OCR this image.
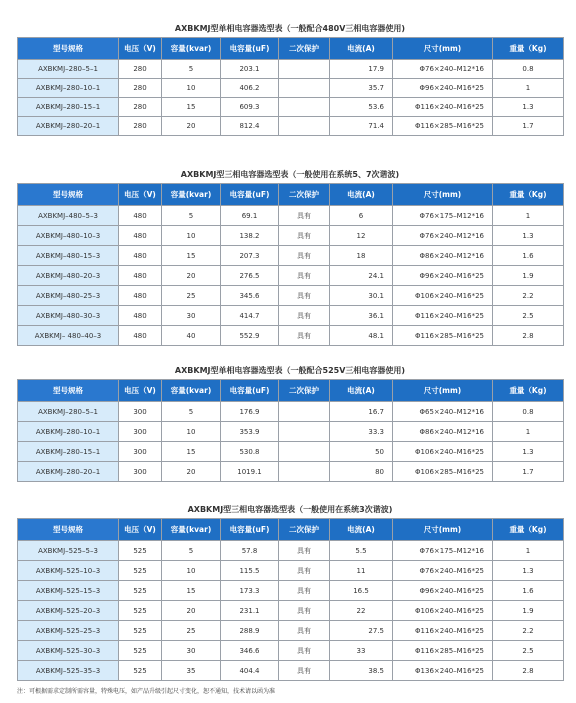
AXBKMJ型单相电容器选型表（一般配合480V三相电容器使用)
型号规格	电压（V)	容量(kvar)	电容量(uF)	二次保护	电流(A)	尺寸(mm)	重量（Kg)
AXBKMJ–280–5–1	280	5	203.1		17.9	Φ76×240–M12*16	0.8
AXBKMJ–280–10–1	280	10	406.2		35.7	Φ96×240–M16*25	1
AXBKMJ–280–15–1	280	15	609.3		53.6	Φ116×240–M16*25	1.3
AXBKMJ–280–20–1	280	20	812.4		71.4	Φ116×285–M16*25	1.7
AXBKMJ型三相电容器选型表（一般使用在系统5、7次谐波)
型号规格	电压（V)	容量(kvar)	电容量(uF)	二次保护	电流(A)	尺寸(mm)	重量（Kg)
AXBKMJ–480–5–3	480	5	69.1	具有	6	Φ76×175–M12*16	1
AXBKMJ–480–10–3	480	10	138.2	具有	12	Φ76×240–M12*16	1.3
AXBKMJ–480–15–3	480	15	207.3	具有	18	Φ86×240–M12*16	1.6
AXBKMJ–480–20–3	480	20	276.5	具有	24.1	Φ96×240–M16*25	1.9
AXBKMJ–480–25–3	480	25	345.6	具有	30.1	Φ106×240–M16*25	2.2
AXBKMJ–480–30–3	480	30	414.7	具有	36.1	Φ116×240–M16*25	2.5
AXBKMJ– 480–40–3	480	40	552.9	具有	48.1	Φ116×285–M16*25	2.8
AXBKMJ型单相电容器选型表（一般配合525V三相电容器使用)
型号规格	电压（V)	容量(kvar)	电容量(uF)	二次保护	电流(A)	尺寸(mm)	重量（Kg)
AXBKMJ–280–5–1	300	5	176.9		16.7	Φ65×240–M12*16	0.8
AXBKMJ–280–10–1	300	10	353.9		33.3	Φ86×240–M12*16	1
AXBKMJ–280–15–1	300	15	530.8		50	Φ106×240–M16*25	1.3
AXBKMJ–280–20–1	300	20	1019.1		80	Φ106×285–M16*25	1.7
AXBKMJ型三相电容器选型表（一般使用在系统3次谐波)
型号规格	电压（V)	容量(kvar)	电容量(uF)	二次保护	电流(A)	尺寸(mm)	重量（Kg)
AXBKMJ–525–5–3	525	5	57.8	具有	5.5	Φ76×175–M12*16	1
AXBKMJ–525–10–3	525	10	115.5	具有	11	Φ76×240–M16*25	1.3
AXBKMJ–525–15–3	525	15	173.3	具有	16.5	Φ96×240–M16*25	1.6
AXBKMJ–525–20–3	525	20	231.1	具有	22	Φ106×240–M16*25	1.9
AXBKMJ–525–25–3	525	25	288.9	具有	27.5	Φ116×240–M16*25	2.2
AXBKMJ–525–30–3	525	30	346.6	具有	33	Φ116×285–M16*25	2.5
AXBKMJ–525–35–3	525	35	404.4	具有	38.5	Φ136×240–M16*25	2.8
注：可根据需求定制所需容量，特殊电压，如产品升级引起尺寸变化，恕不通知，技术请以函为准
